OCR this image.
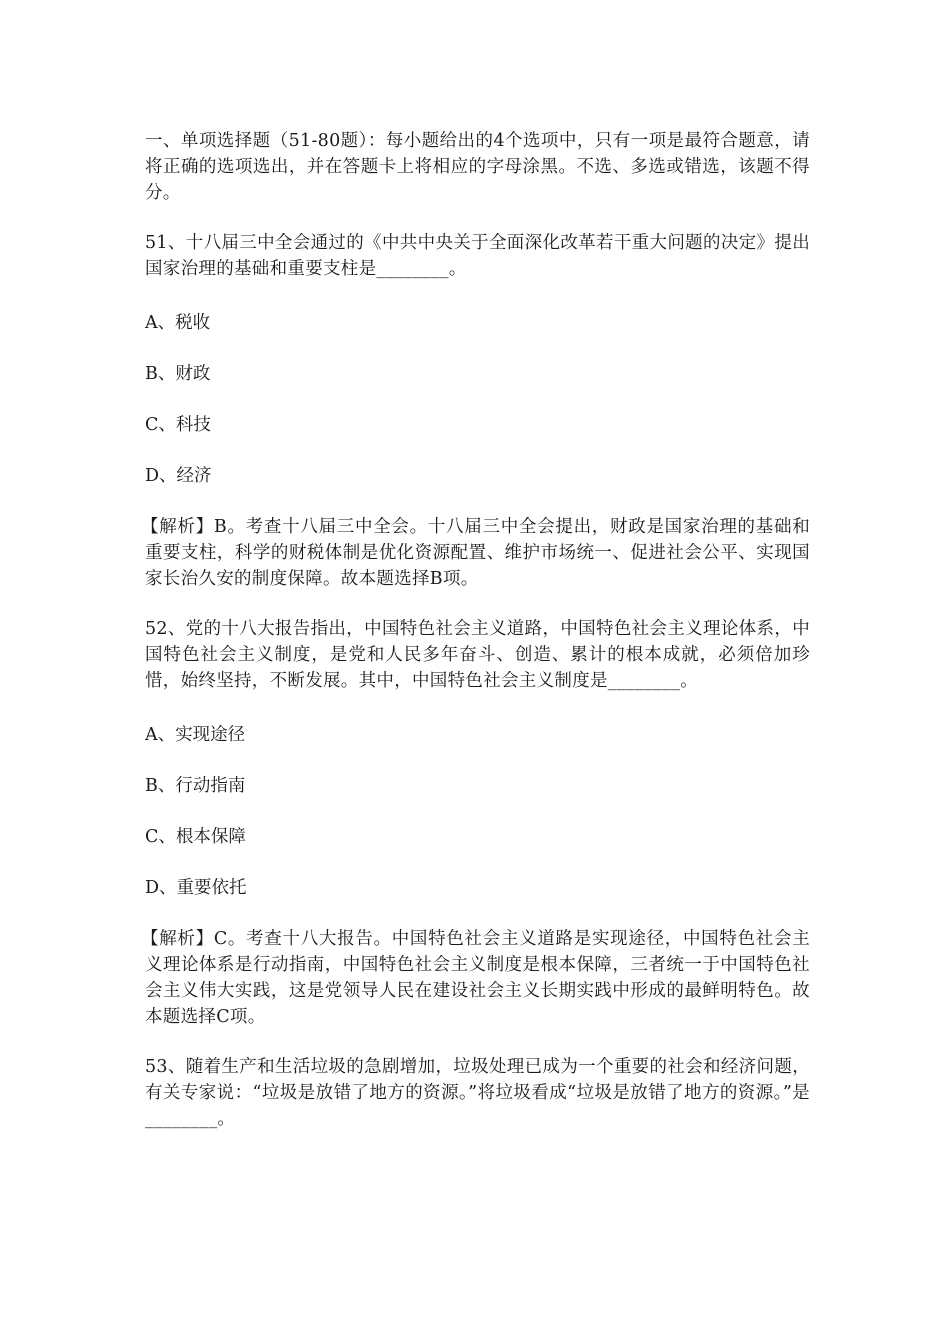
一、单项选择题（51-80题）：每小题给出的4个选项中，只有一项是最符合题意，请将正确的选项选出，并在答题卡上将相应的字母涂黑。不选、多选或错选，该题不得分。

51、十八届三中全会通过的《中共中央关于全面深化改革若干重大问题的决定》提出国家治理的基础和重要支柱是________。

A、税收

B、财政

C、科技

D、经济

【解析】B。考查十八届三中全会。十八届三中全会提出，财政是国家治理的基础和重要支柱，科学的财税体制是优化资源配置、维护市场统一、促进社会公平、实现国家长治久安的制度保障。故本题选择B项。

52、党的十八大报告指出，中国特色社会主义道路，中国特色社会主义理论体系，中国特色社会主义制度，是党和人民多年奋斗、创造、累计的根本成就，必须倍加珍惜，始终坚持，不断发展。其中，中国特色社会主义制度是________。

A、实现途径

B、行动指南

C、根本保障

D、重要依托

【解析】C。考查十八大报告。中国特色社会主义道路是实现途径，中国特色社会主义理论体系是行动指南，中国特色社会主义制度是根本保障，三者统一于中国特色社会主义伟大实践，这是党领导人民在建设社会主义长期实践中形成的最鲜明特色。故本题选择C项。

53、随着生产和生活垃圾的急剧增加，垃圾处理已成为一个重要的社会和经济问题，有关专家说：“垃圾是放错了地方的资源。”将垃圾看成“垃圾是放错了地方的资源。”是________。
